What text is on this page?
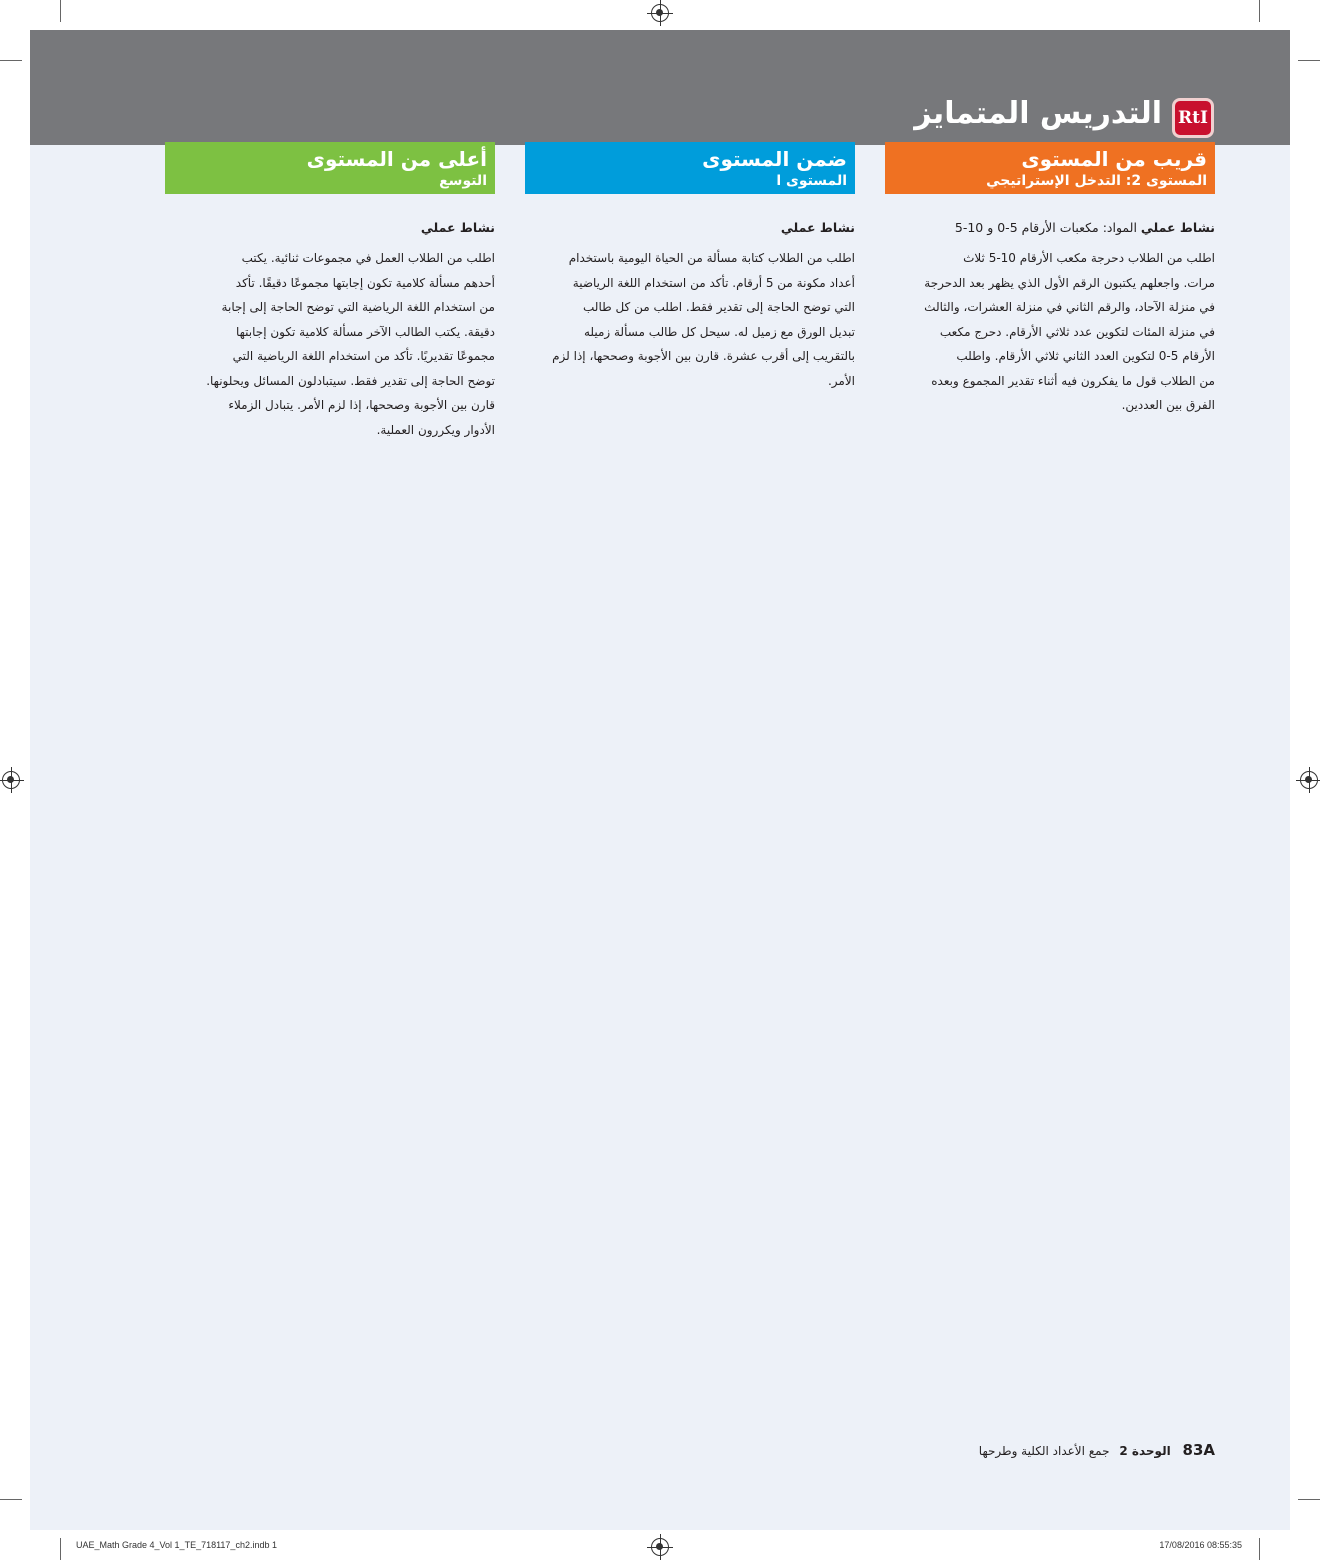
RtI
التدريس المتمايز
قريب من المستوى
المستوى 2: التدخل الإستراتيجي
نشاط عملي المواد: مكعبات الأرقام 5-0 و 10-5
اطلب من الطلاب دحرجة مكعب الأرقام 10-5 ثلاث
مرات. واجعلهم يكتبون الرقم الأول الذي يظهر بعد الدحرجة
في منزلة الآحاد، والرقم الثاني في منزلة العشرات، والثالث
في منزلة المئات لتكوين عدد ثلاثي الأرقام. دحرج مكعب
الأرقام 5-0 لتكوين العدد الثاني ثلاثي الأرقام. واطلب
من الطلاب قول ما يفكرون فيه أثناء تقدير المجموع وبعده
الفرق بين العددين.
ضمن المستوى
المستوى ا
نشاط عملي
اطلب من الطلاب كتابة مسألة من الحياة اليومية باستخدام
أعداد مكونة من 5 أرقام. تأكد من استخدام اللغة الرياضية
التي توضح الحاجة إلى تقدير فقط. اطلب من كل طالب
تبديل الورق مع زميل له. سيحل كل طالب مسألة زميله
بالتقريب إلى أقرب عشرة. قارن بين الأجوبة وصححها، إذا لزم
الأمر.
أعلى من المستوى
التوسع
نشاط عملي
اطلب من الطلاب العمل في مجموعات ثنائية. يكتب
أحدهم مسألة كلامية تكون إجابتها مجموعًا دقيقًا. تأكد
من استخدام اللغة الرياضية التي توضح الحاجة إلى إجابة
دقيقة. يكتب الطالب الآخر مسألة كلامية تكون إجابتها
مجموعًا تقديريًا. تأكد من استخدام اللغة الرياضية التي
توضح الحاجة إلى تقدير فقط. سيتبادلون المسائل ويحلونها.
قارن بين الأجوبة وصححها، إذا لزم الأمر. يتبادل الزملاء
الأدوار ويكررون العملية.
83A الوحدة 2 جمع الأعداد الكلية وطرحها
UAE_Math Grade 4_Vol 1_TE_718117_ch2.indb 1	17/08/2016 08:55:35
